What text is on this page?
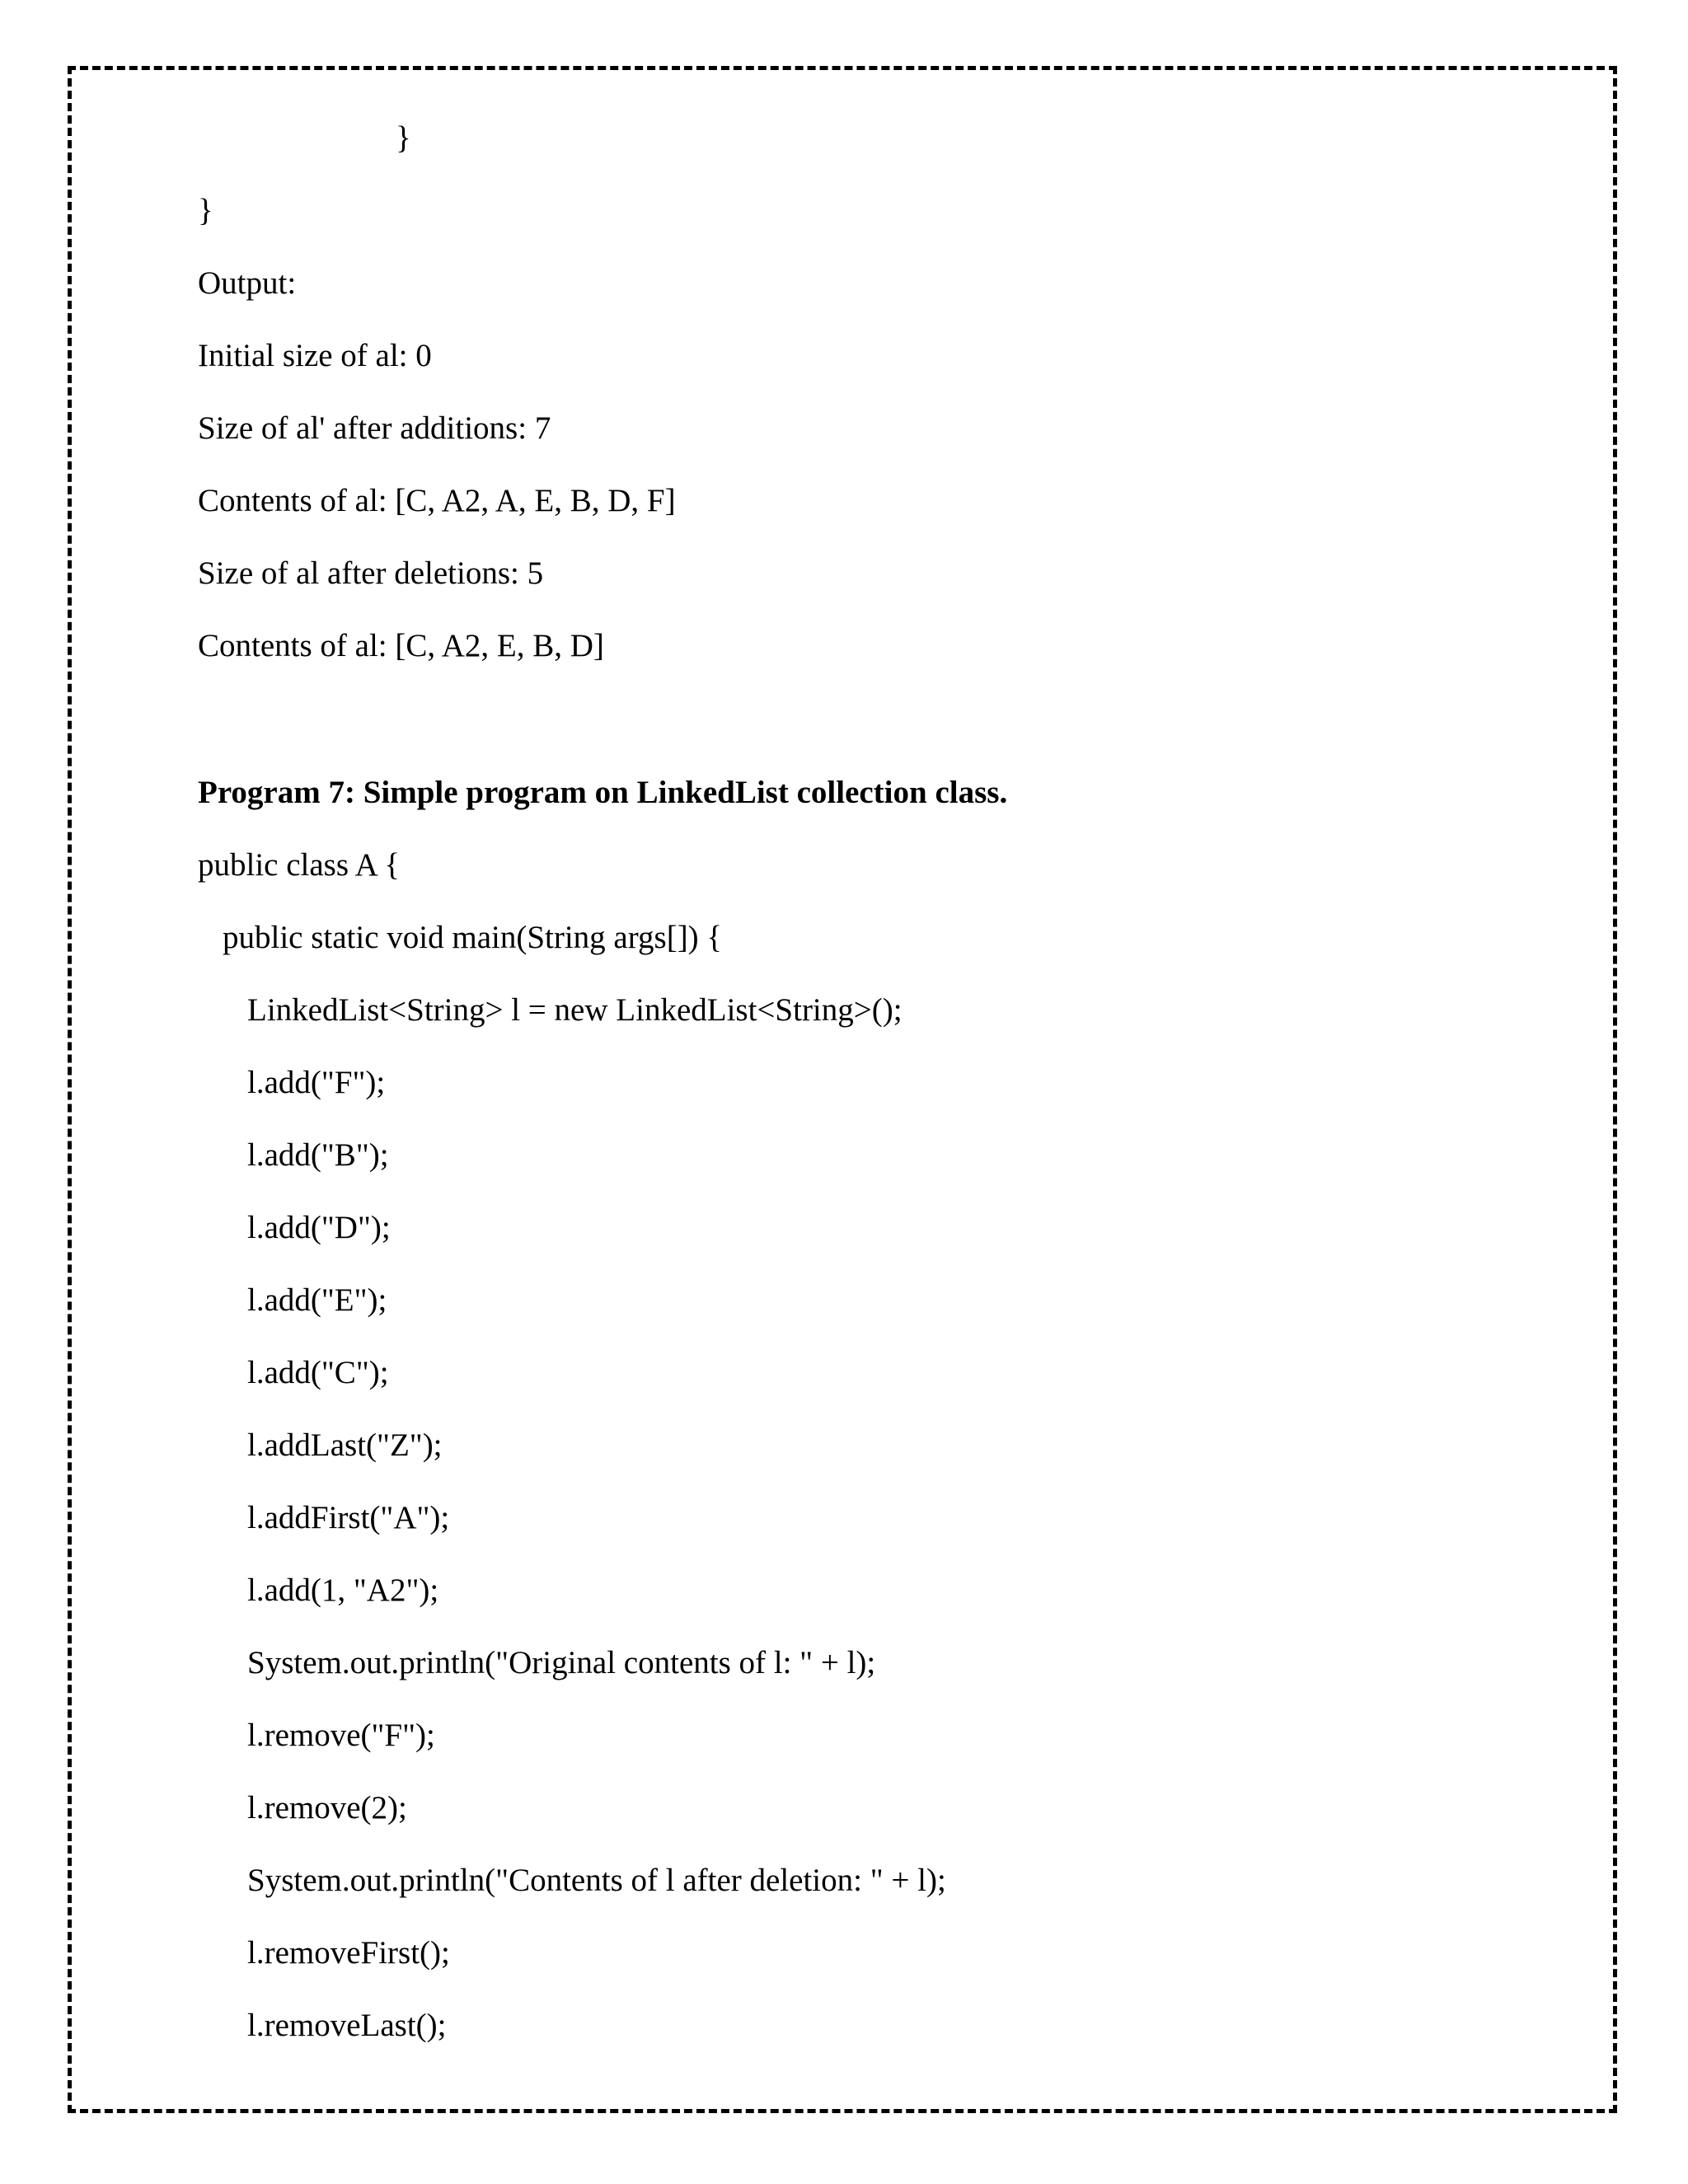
}

}

Output:

Initial size of al: 0

Size of al' after additions: 7

Contents of al: [C, A2, A, E, B, D, F]

Size of al after deletions: 5

Contents of al: [C, A2, E, B, D]

Program 7: Simple program on LinkedList collection class.

public class A {

public static void main(String args[]) {

LinkedList<String> l = new LinkedList<String>();

l.add("F");

l.add("B");

l.add("D");

l.add("E");

l.add("C");

l.addLast("Z");

l.addFirst("A");

l.add(1, "A2");

System.out.println("Original contents of l: " + l);

l.remove("F");

l.remove(2);

System.out.println("Contents of l after deletion: " + l);

l.removeFirst();

l.removeLast();
